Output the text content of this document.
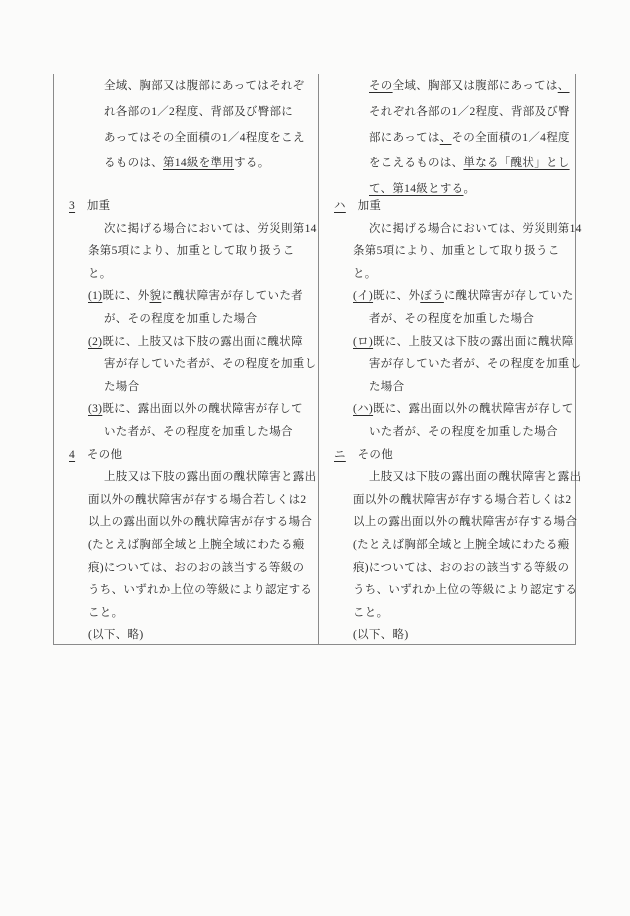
全域、胸部又は腹部にあってはそれぞ
れ各部の1／2程度、背部及び臀部に
あってはその全面積の1／4程度をこえ
るものは、第14級を準用する。
3　加重
次に掲げる場合においては、労災則第14
条第5項により、加重として取り扱うこ
と。
(1)既に、外貌に醜状障害が存していた者
が、その程度を加重した場合
(2)既に、上肢又は下肢の露出面に醜状障
害が存していた者が、その程度を加重し
た場合
(3)既に、露出面以外の醜状障害が存して
いた者が、その程度を加重した場合
4　その他
上肢又は下肢の露出面の醜状障害と露出
面以外の醜状障害が存する場合若しくは2
以上の露出面以外の醜状障害が存する場合
(たとえば胸部全域と上腕全域にわたる瘢
痕)については、おのおの該当する等級の
うち、いずれか上位の等級により認定する
こと。
(以下、略)
その全域、胸部又は腹部にあっては、
それぞれ各部の1／2程度、背部及び臀
部にあっては、その全面積の1／4程度
をこえるものは、単なる「醜状」とし
て、第14級とする。
ハ　加重
次に掲げる場合においては、労災則第14
条第5項により、加重として取り扱うこ
と。
(イ)既に、外ぼうに醜状障害が存していた
者が、その程度を加重した場合
(ロ)既に、上肢又は下肢の露出面に醜状障
害が存していた者が、その程度を加重し
た場合
(ハ)既に、露出面以外の醜状障害が存して
いた者が、その程度を加重した場合
ニ　その他
上肢又は下肢の露出面の醜状障害と露出
面以外の醜状障害が存する場合若しくは2
以上の露出面以外の醜状障害が存する場合
(たとえば胸部全域と上腕全域にわたる瘢
痕)については、おのおの該当する等級の
うち、いずれか上位の等級により認定する
こと。
(以下、略)
